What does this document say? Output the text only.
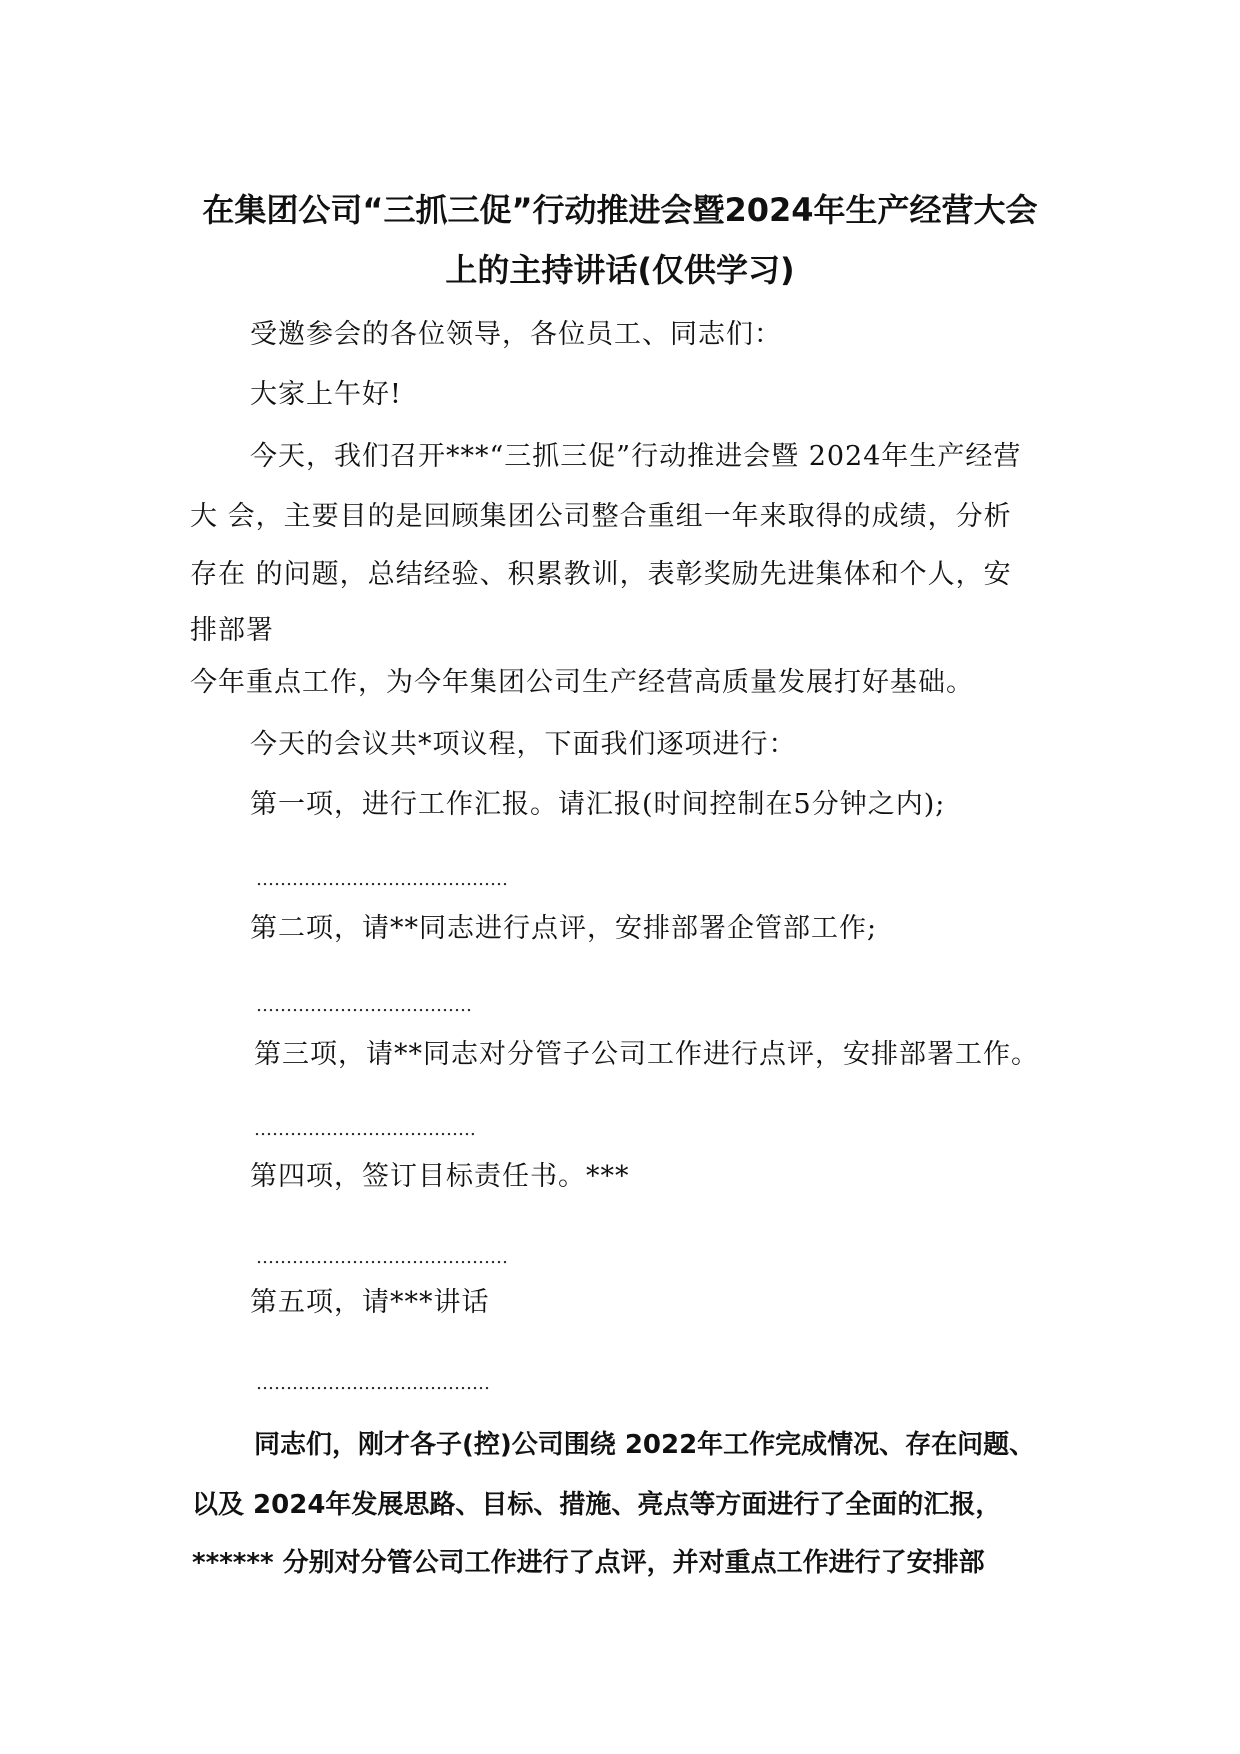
在集团公司“三抓三促”行动推进会暨2024年生产经营大会
上的主持讲话(仅供学习)
受邀参会的各位领导，各位员工、同志们：
大家上午好!
今天，我们召开***“三抓三促”行动推进会暨 2024年生产经营
大 会，主要目的是回顾集团公司整合重组一年来取得的成绩，分析
存在 的问题，总结经验、积累教训，表彰奖励先进集体和个人，安
排部署
今年重点工作，为今年集团公司生产经营高质量发展打好基础。
今天的会议共*项议程，下面我们逐项进行：
第一项，进行工作汇报。请汇报(时间控制在5分钟之内);
……………………………………
第二项，请**同志进行点评，安排部署企管部工作;
………………………………
第三项，请**同志对分管子公司工作进行点评，安排部署工作。
……………………………….
第四项，签订目标责任书。***
……………………………………
第五项，请***讲话
…………………………………
同志们，刚才各子(控)公司围绕 2022年工作完成情况、存在问题、
以及 2024年发展思路、目标、措施、亮点等方面进行了全面的汇报，
****** 分别对分管公司工作进行了点评，并对重点工作进行了安排部
